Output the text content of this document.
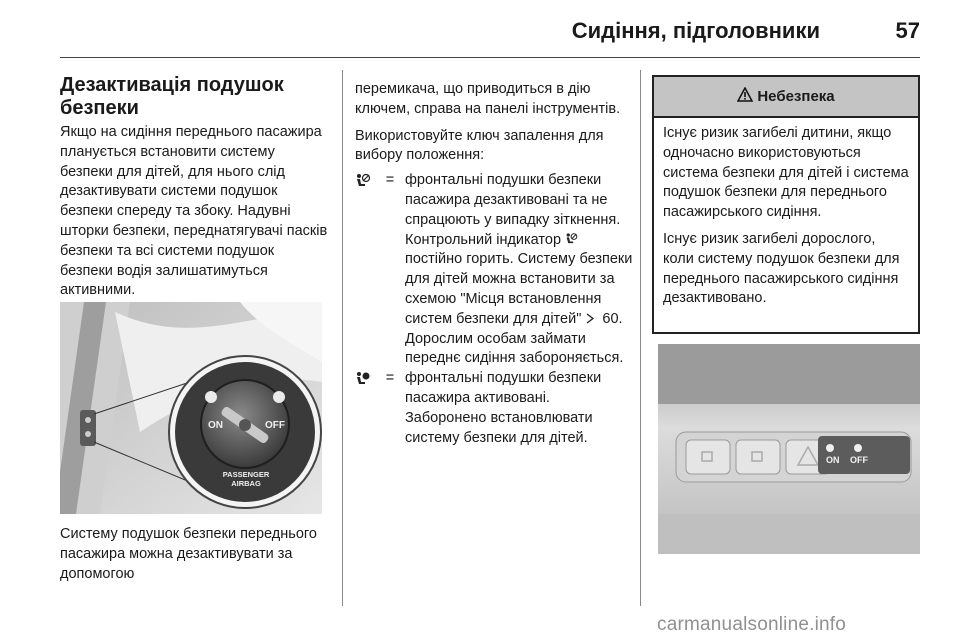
Сидіння, підголовники	57
Дезактивація подушок безпеки

Якщо на сидіння переднього пасажира планується встановити систему безпеки для дітей, для нього слід дезактивувати системи подушок безпеки спереду та збоку. Надувні шторки безпеки, переднатягувачі пасків безпеки та всі системи подушок безпеки водія залишатимуться активними.

ON	OFF
PASSENGER
AIRBAG

Систему подушок безпеки переднього пасажира можна дезактивувати за допомогою

перемикача, що приводиться в дію ключем, справа на панелі інструментів.

Використовуйте ключ запалення для вибору положення:

= фронтальні подушки безпеки пасажира дезактивовані та не спрацюють у випадку зіткнення. Контрольний індикатор  постійно горить. Систему безпеки для дітей можна встановити за схемою "Місця встановлення систем безпеки для дітей" 60. Дорослим особам займати переднє сидіння забороняється.
= фронтальні подушки безпеки пасажира активовані. Заборонено встановлювати систему безпеки для дітей.
Небезпека

Існує ризик загибелі дитини, якщо одночасно використовуються система безпеки для дітей і система подушок безпеки для переднього пасажирського сидіння.

Існує ризик загибелі дорослого, коли систему подушок безпеки для переднього пасажирського сидіння дезактивовано.

ON OFF
carmanualsonline.info
